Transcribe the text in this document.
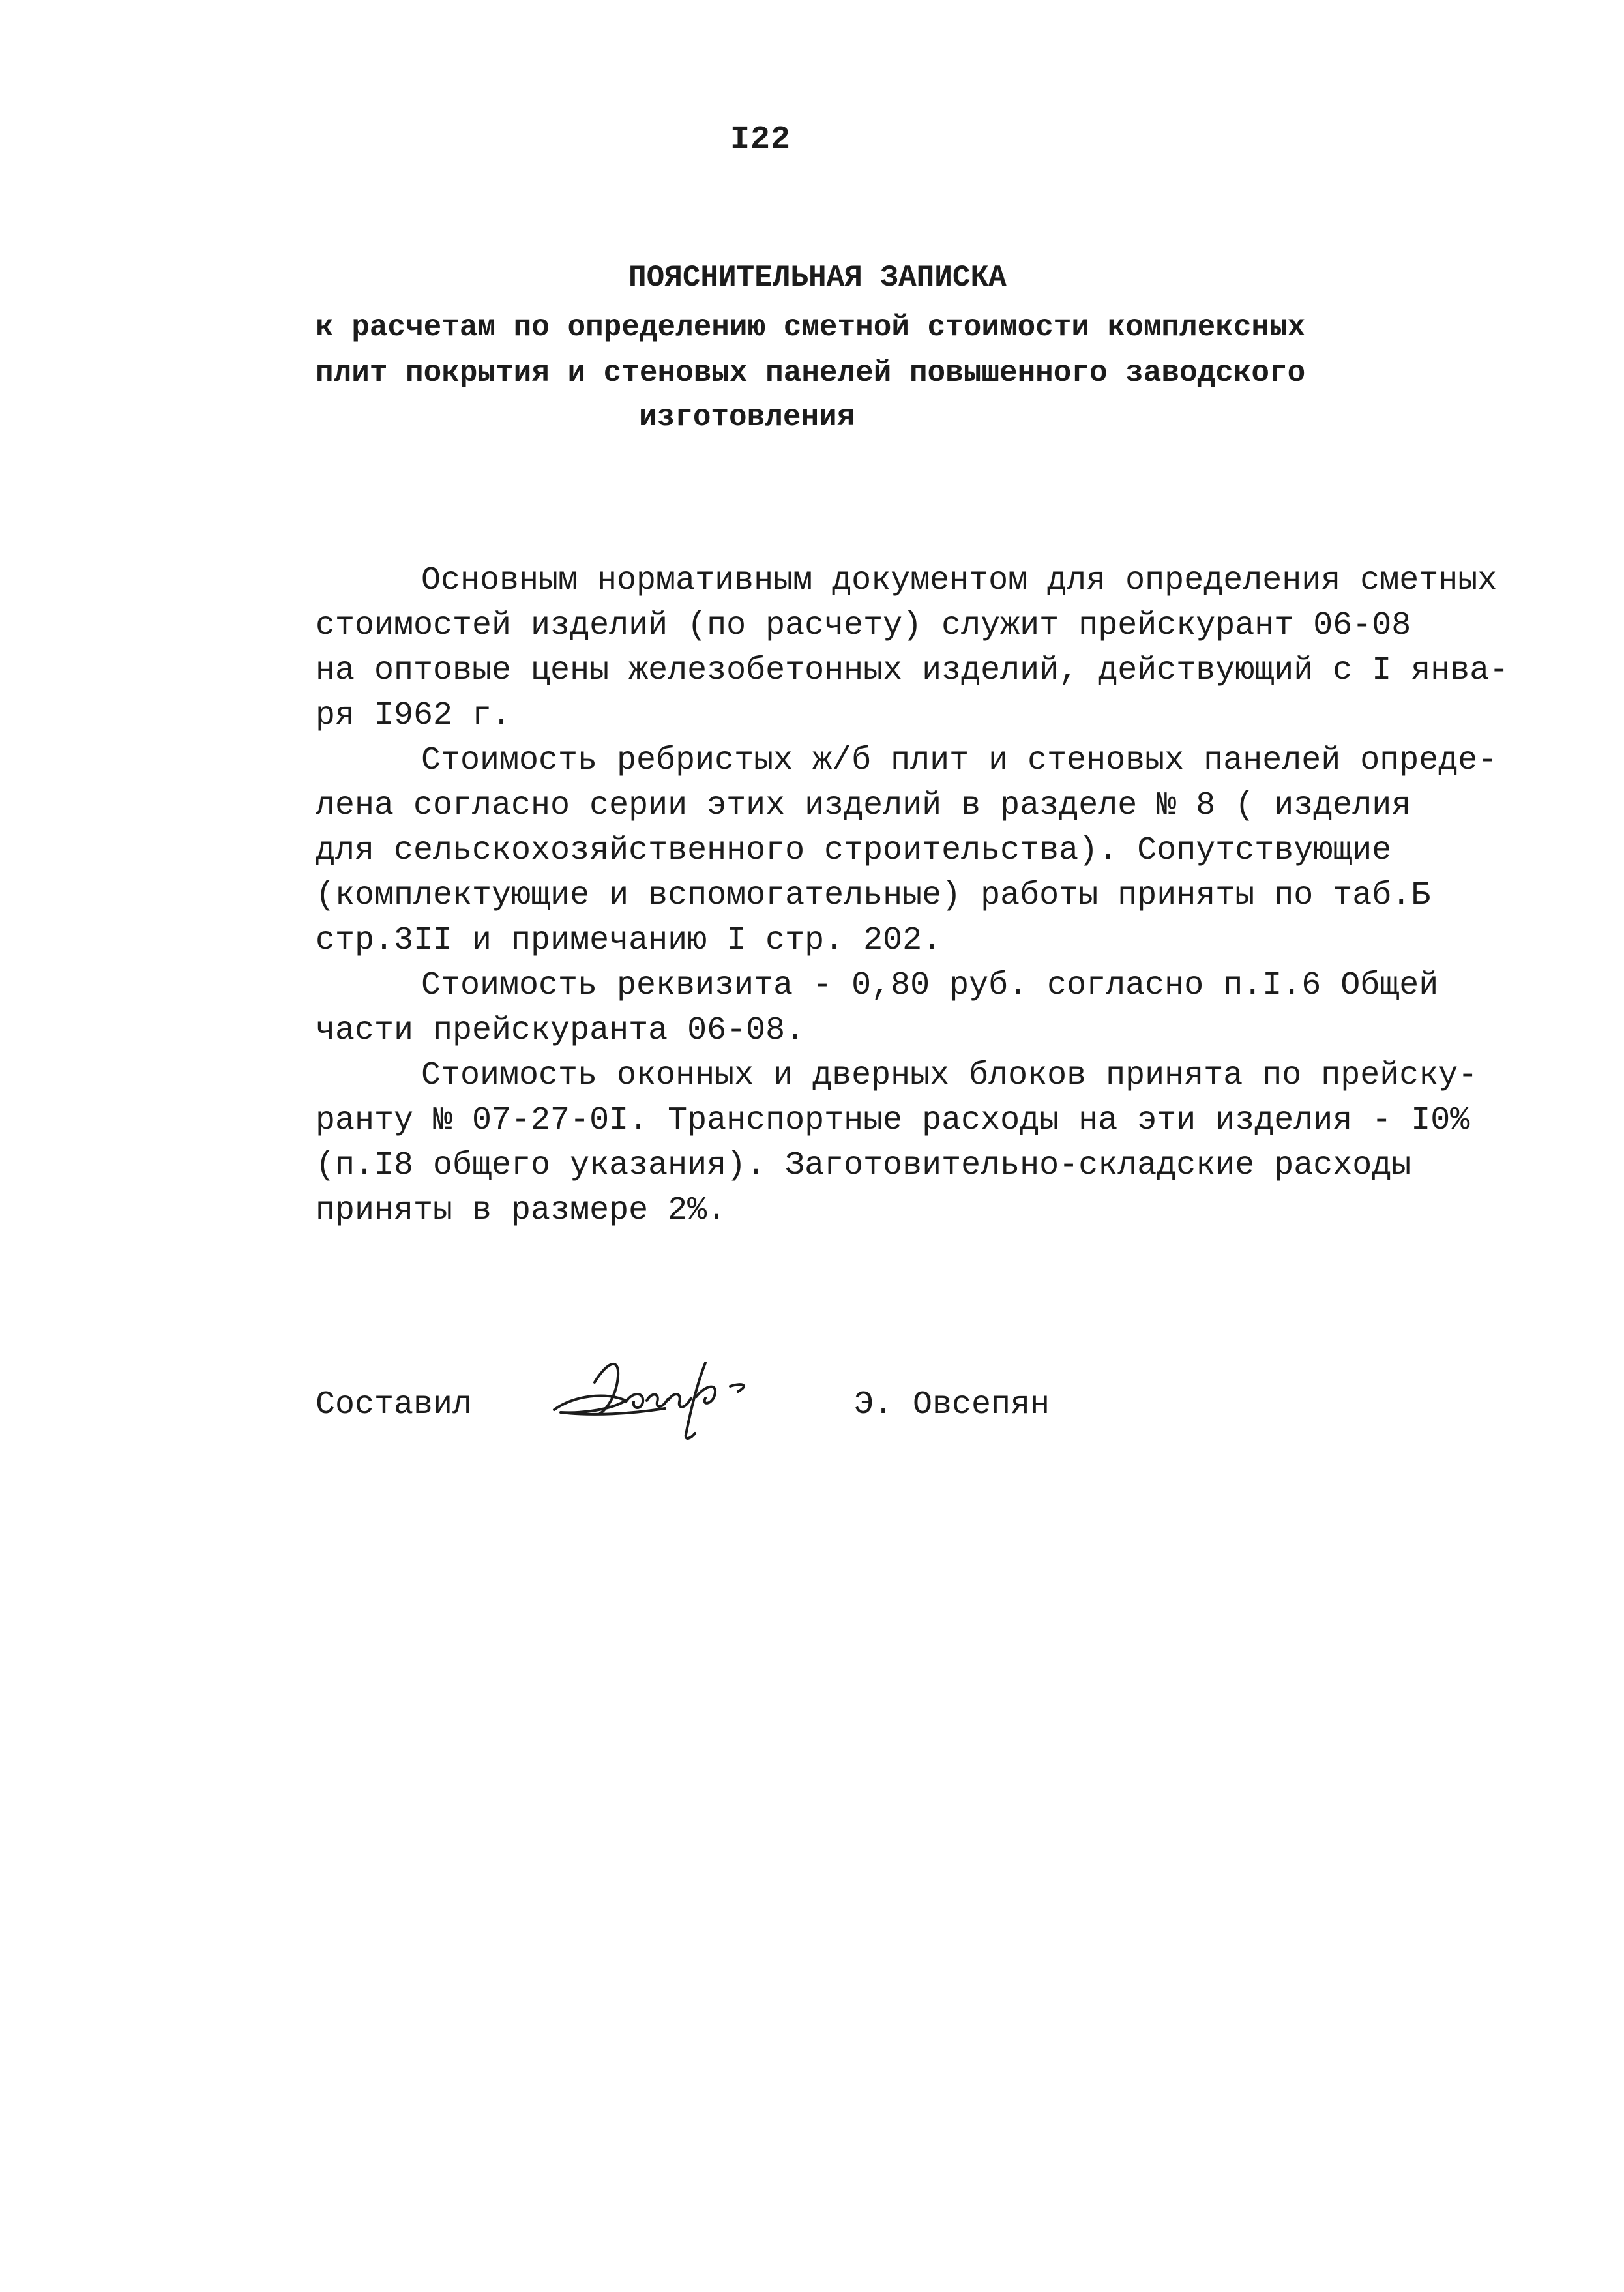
I22
ПОЯСНИТЕЛЬНАЯ ЗАПИСКА
к расчетам по определению сметной стоимости комплексных
плит покрытия и стеновых панелей повышенного заводского
изготовления
Основным нормативным документом для определения сметных
стоимостей изделий (по расчету) служит прейскурант 06-08
на оптовые цены железобетонных изделий, действующий с I янва-
ря I962 г.
Стоимость ребристых ж/б плит и стеновых панелей опреде-
лена согласно серии этих изделий в разделе № 8 ( изделия
для сельскохозяйственного строительства). Сопутствующие
(комплектующие и вспомогательные) работы приняты по таб.Б
стр.3II и примечанию I стр. 202.
Стоимость реквизита - 0,80 руб. согласно п.I.6 Общей
части прейскуранта 06-08.
Стоимость оконных и дверных блоков принята по прейску-
ранту № 07-27-0I. Транспортные расходы на эти изделия - I0%
(п.I8 общего указания). Заготовительно-складские расходы
приняты в размере 2%.
Составил	Э. Овсепян
